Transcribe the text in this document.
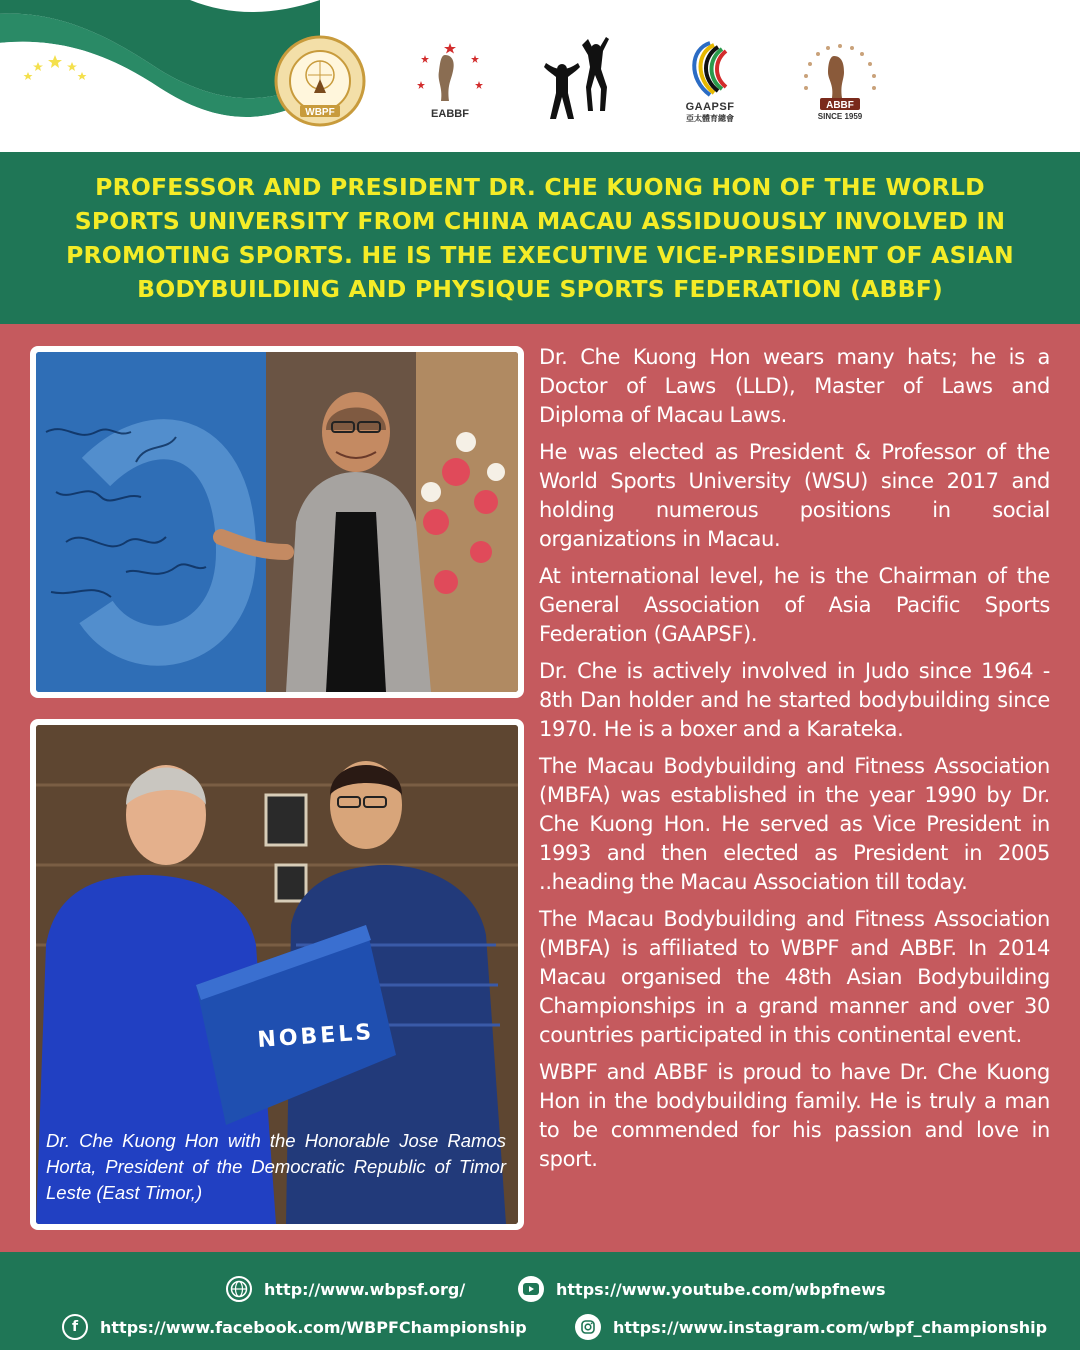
WBPF	EABBF
GAAPSF
亞太體育總會
ABBF
SINCE 1959
PROFESSOR AND PRESIDENT DR. CHE KUONG HON OF THE WORLD SPORTS UNIVERSITY FROM CHINA MACAU ASSIDUOUSLY INVOLVED IN PROMOTING SPORTS. HE IS THE EXECUTIVE VICE-PRESIDENT OF ASIAN BODYBUILDING AND PHYSIQUE SPORTS FEDERATION (ABBF)
NOBELS
Dr. Che Kuong Hon with the Honorable Jose Ramos Horta, President of the Democratic Republic of Timor Leste (East Timor,)

Dr. Che Kuong Hon wears many hats; he is a Doctor of Laws (LLD), Master of Laws and Diploma of Macau Laws.

He was elected as President & Professor of the World Sports University (WSU) since 2017 and holding numerous positions in social organizations in Macau.

At international level, he is the Chairman of the General Association of Asia Pacific Sports Federation (GAAPSF).

Dr. Che is actively involved in Judo since 1964 - 8th Dan holder and he started bodybuilding since 1970. He is a boxer and a Karateka.

The Macau Bodybuilding and Fitness Association (MBFA) was established in the year 1990 by Dr. Che Kuong Hon. He served as Vice President in 1993 and then elected as President in 2005 ..heading the Macau Association till today.

The Macau Bodybuilding and Fitness Association (MBFA) is affiliated to WBPF and ABBF. In 2014 Macau organised the 48th Asian Bodybuilding Championships in a grand manner and over 30 countries participated in this continental event.

WBPF and ABBF is proud to have Dr. Che Kuong Hon in the bodybuilding family. He is truly a man to be commended for his passion and love in sport.

http://www.wbpsf.org/	https://www.youtube.com/wbpfnews
f	https://www.facebook.com/WBPFChampionship	https://www.instagram.com/wbpf_championship
